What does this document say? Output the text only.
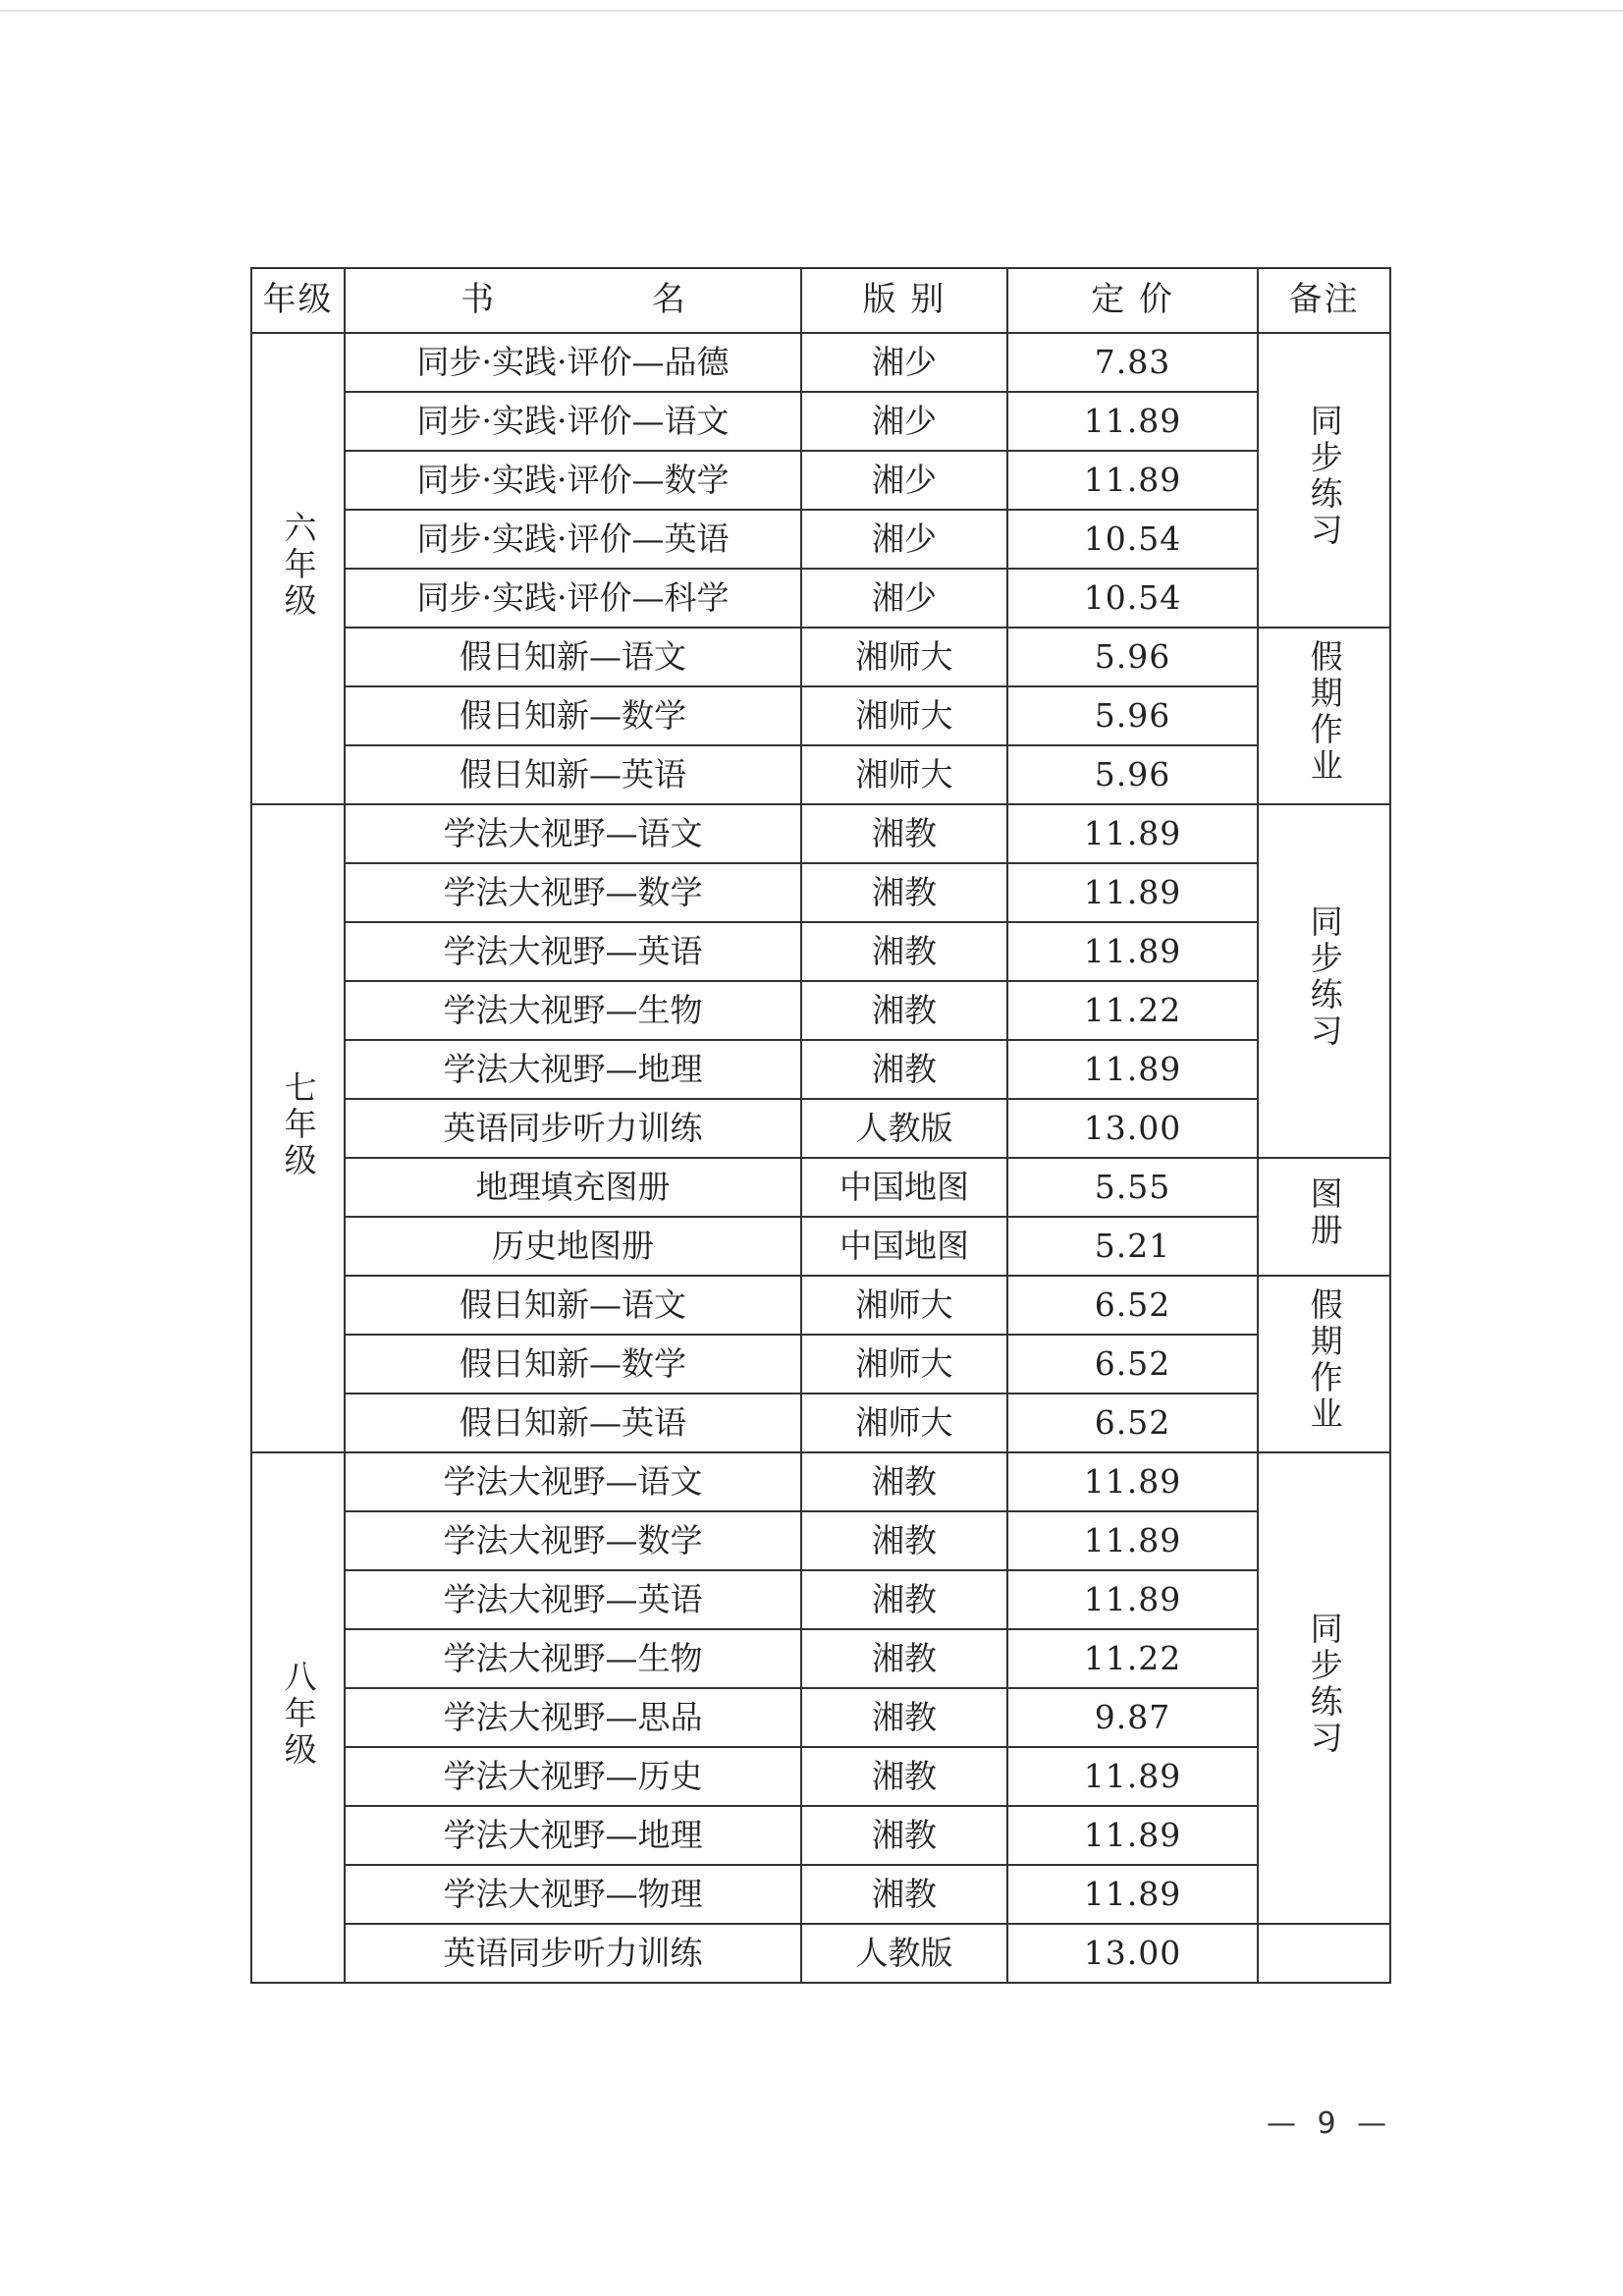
年级	书 名	版 别	定 价	备注
六年级	同步·实践·评价—品德	湘少	7.83	同步练习
	同步·实践·评价—语文	湘少	11.89	
	同步·实践·评价—数学	湘少	11.89	
	同步·实践·评价—英语	湘少	10.54	
	同步·实践·评价—科学	湘少	10.54	
	假日知新—语文	湘师大	5.96	假期作业
	假日知新—数学	湘师大	5.96	
	假日知新—英语	湘师大	5.96	
七年级	学法大视野—语文	湘教	11.89	同步练习
	学法大视野—数学	湘教	11.89	
	学法大视野—英语	湘教	11.89	
	学法大视野—生物	湘教	11.22	
	学法大视野—地理	湘教	11.89	
	英语同步听力训练	人教版	13.00	
	地理填充图册	中国地图	5.55	图册
	历史地图册	中国地图	5.21	
	假日知新—语文	湘师大	6.52	假期作业
	假日知新—数学	湘师大	6.52	
	假日知新—英语	湘师大	6.52	
八年级	学法大视野—语文	湘教	11.89	同步练习
	学法大视野—数学	湘教	11.89	
	学法大视野—英语	湘教	11.89	
	学法大视野—生物	湘教	11.22	
	学法大视野—思品	湘教	9.87	
	学法大视野—历史	湘教	11.89	
	学法大视野—地理	湘教	11.89	
	学法大视野—物理	湘教	11.89	
	英语同步听力训练	人教版	13.00	
— 9 —
